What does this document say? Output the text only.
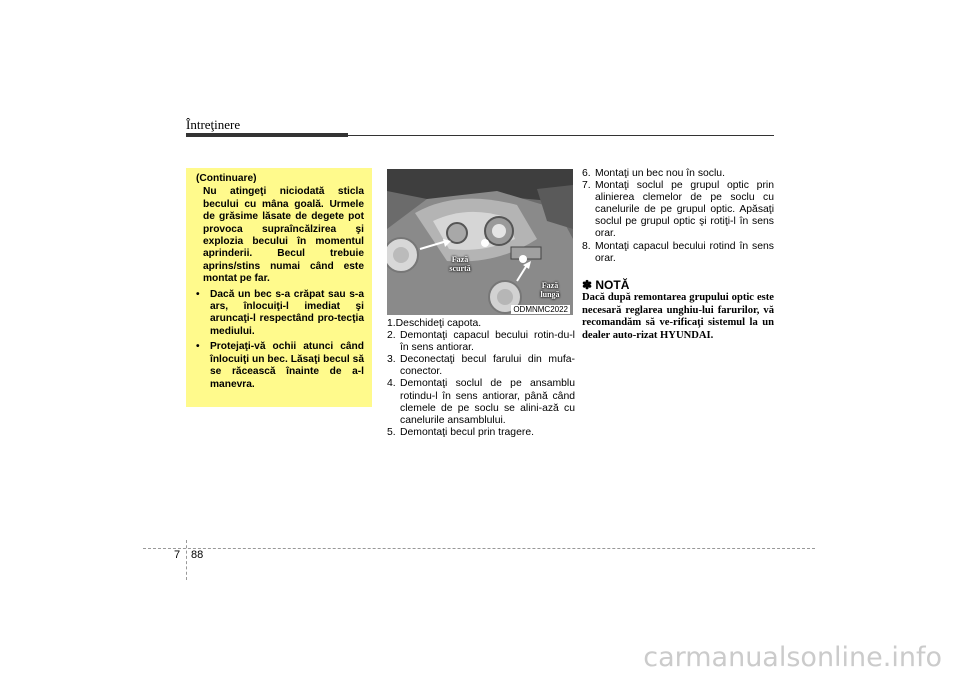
Întreţinere
(Continuare)
Nu atingeţi niciodată sticla becului cu mâna goală. Urmele de grăsime lăsate de degete pot provoca supraîncălzirea şi explozia becului în momentul aprinderii. Becul trebuie aprins/stins numai când este montat pe far.
• Dacă un bec s-a crăpat sau s-a ars, înlocuiţi-l imediat şi aruncaţi-l respectând pro-tecţia mediului.
• Protejaţi-vă ochii atunci când înlocuiţi un bec. Lăsaţi becul să se răcească înainte de a-l manevra.
Fază scurtă
Fază lungă
ODMNMC2022
1.Deschideţi capota.
2. Demontaţi capacul becului rotin-du-l în sens antiorar.
3. Deconectaţi becul farului din mufa-conector.
4. Demontaţi soclul de pe ansamblu rotindu-l în sens antiorar, până când clemele de pe soclu se alini-ază cu canelurile ansamblului.
5. Demontaţi becul prin tragere.
6. Montaţi un bec nou în soclu.
7. Montaţi soclul pe grupul optic prin alinierea clemelor de pe soclu cu canelurile de pe grupul optic. Apăsaţi soclul pe grupul optic şi rotiţi-l în sens orar.
8. Montaţi capacul becului rotind în sens orar.
✽ NOTĂ
Dacă după remontarea grupului optic este necesară reglarea unghiu-lui farurilor, vă recomandăm să ve-rificaţi sistemul la un dealer auto-rizat HYUNDAI.
7 88
carmanualsonline.info
